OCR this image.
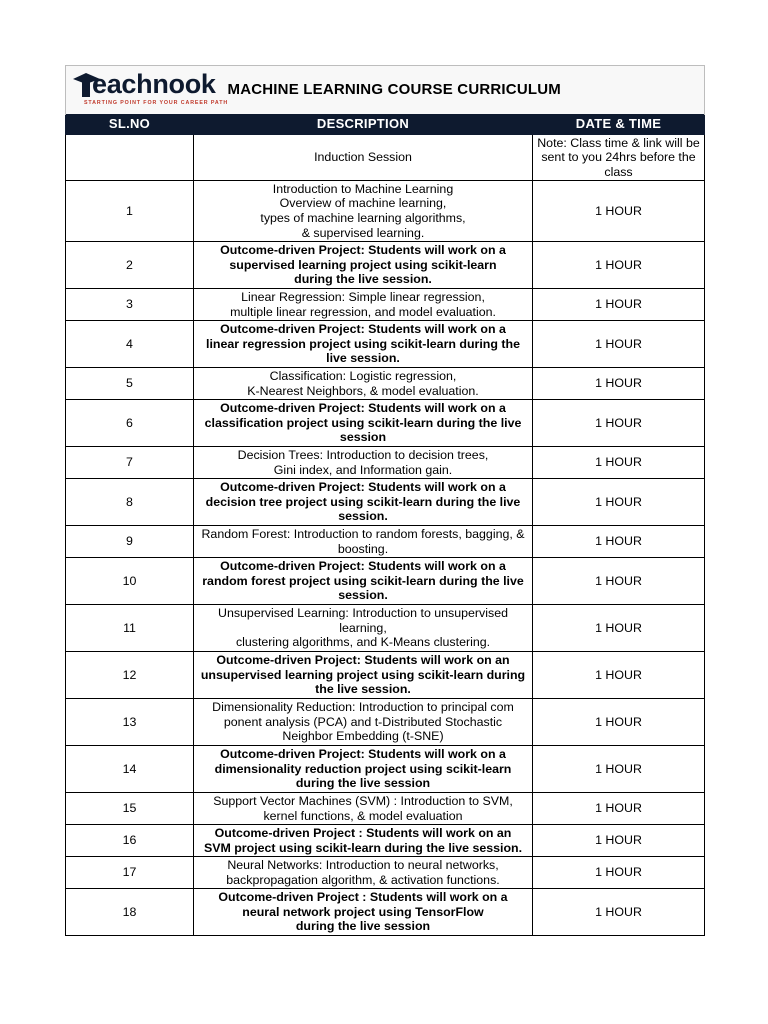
eachnook
STARTING POINT FOR YOUR CAREER PATH	MACHINE LEARNING COURSE CURRICULUM	
SL.NO	DESCRIPTION	DATE & TIME

	Induction Session	Note: Class time & link will be sent to you 24hrs before the class
1	Introduction to Machine Learning
Overview of machine learning,
types of machine learning algorithms,
& supervised learning.	1 HOUR
2	Outcome-driven Project: Students will work on a
supervised learning project using scikit-learn
during the live session.	1 HOUR
3	Linear Regression: Simple linear regression,
multiple linear regression, and model evaluation.	1 HOUR
4	Outcome-driven Project: Students will work on a
linear regression project using scikit-learn during the
live session.	1 HOUR
5	Classification: Logistic regression,
K-Nearest Neighbors, & model evaluation.	1 HOUR
6	Outcome-driven Project: Students will work on a
classification project using scikit-learn during the live
session	1 HOUR
7	Decision Trees: Introduction to decision trees,
Gini index, and Information gain.	1 HOUR
8	Outcome-driven Project: Students will work on a
decision tree project using scikit-learn during the live
session.	1 HOUR
9	Random Forest: Introduction to random forests, bagging, &
boosting.	1 HOUR
10	Outcome-driven Project: Students will work on a
random forest project using scikit-learn during the live
session.	1 HOUR
11	Unsupervised Learning: Introduction to unsupervised
learning,
clustering algorithms, and K-Means clustering.	1 HOUR
12	Outcome-driven Project: Students will work on an
unsupervised learning project using scikit-learn during
the live session.	1 HOUR
13	Dimensionality Reduction: Introduction to principal com
ponent analysis (PCA) and t-Distributed Stochastic
Neighbor Embedding (t-SNE)	1 HOUR
14	Outcome-driven Project: Students will work on a
dimensionality reduction project using scikit-learn
during the live session	1 HOUR
15	Support Vector Machines (SVM) : Introduction to SVM,
kernel functions, & model evaluation	1 HOUR
16	Outcome-driven Project : Students will work on an
SVM project using scikit-learn during the live session.	1 HOUR
17	Neural Networks: Introduction to neural networks,
backpropagation algorithm, & activation functions.	1 HOUR
18	Outcome-driven Project : Students will work on a
neural network project using TensorFlow
during the live session	1 HOUR
